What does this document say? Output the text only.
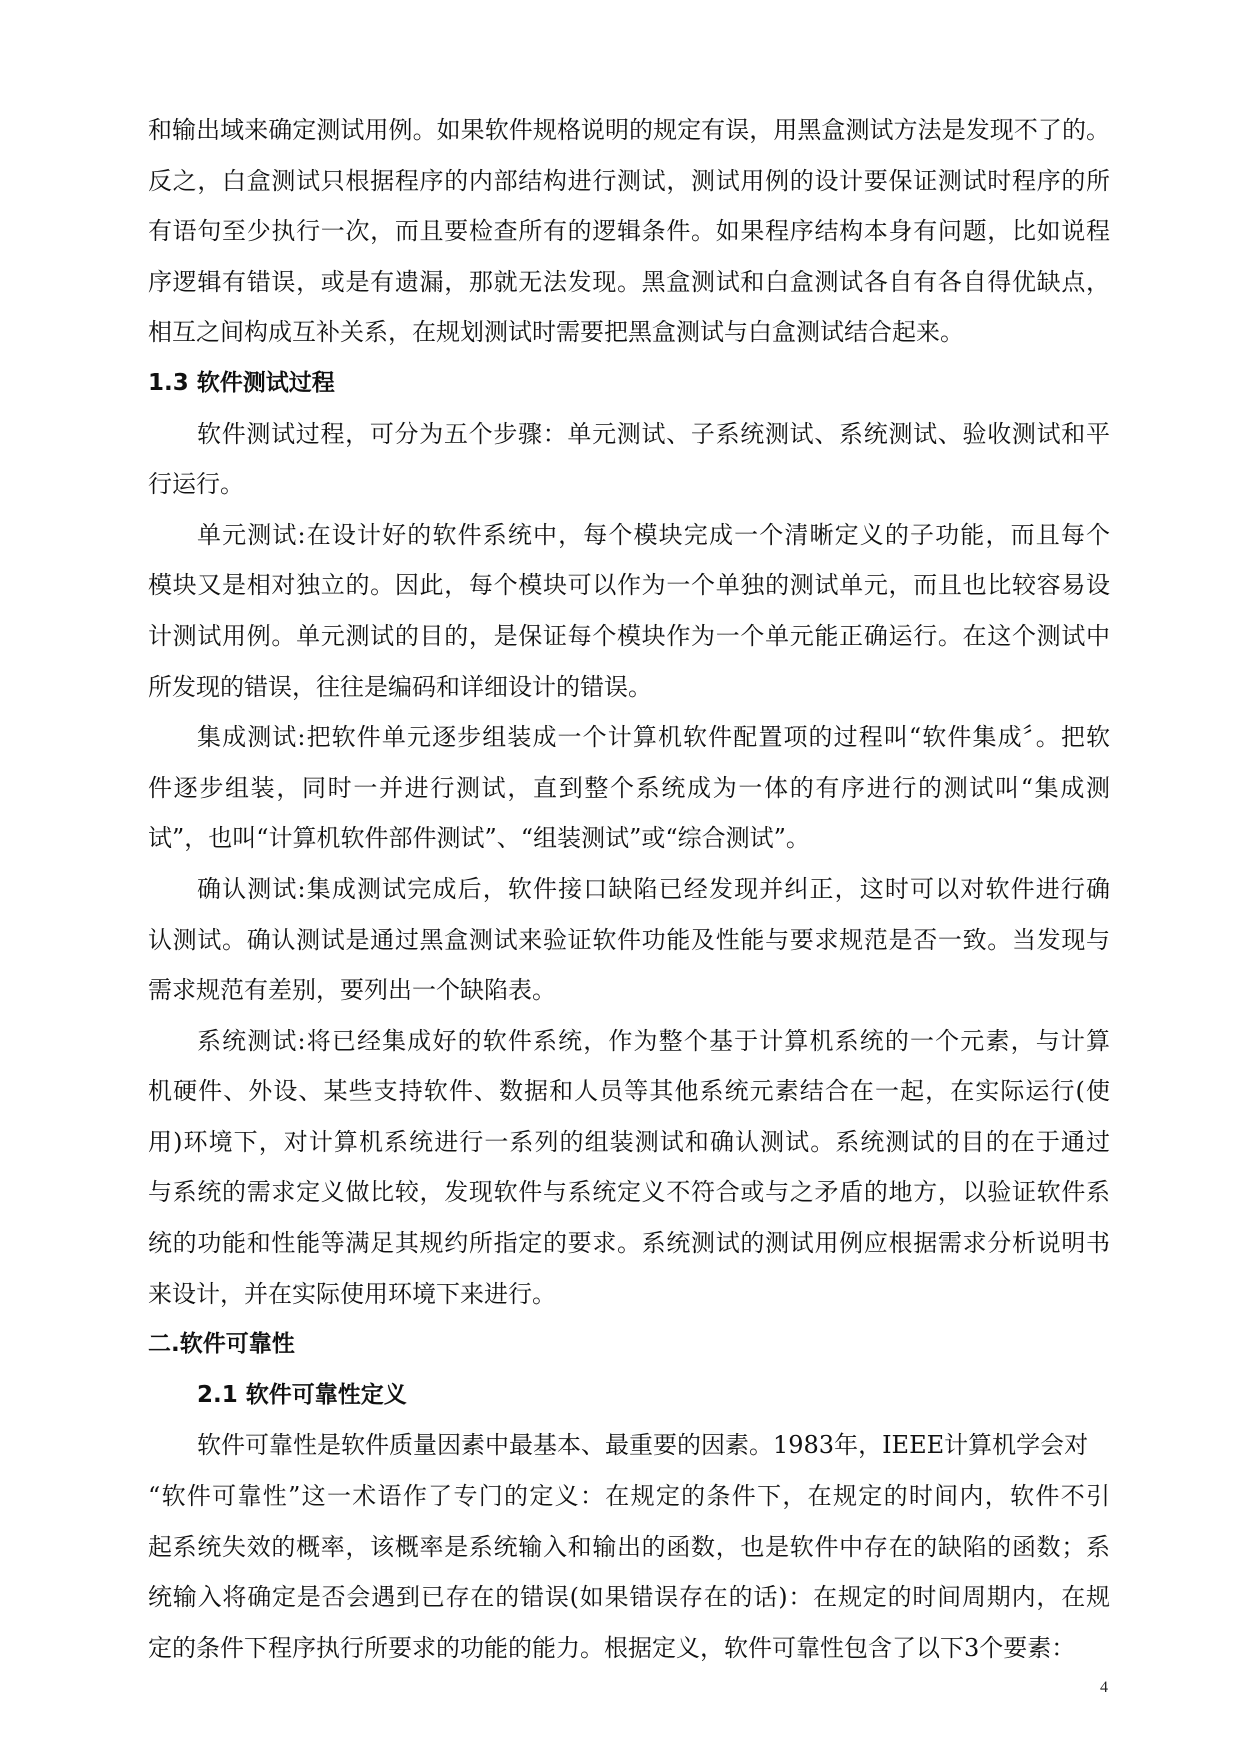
和输出域来确定测试用例。如果软件规格说明的规定有误，用黑盒测试方法是发现不了的。
反之，白盒测试只根据程序的内部结构进行测试，测试用例的设计要保证测试时程序的所
有语句至少执行一次，而且要检查所有的逻辑条件。如果程序结构本身有问题，比如说程
序逻辑有错误，或是有遗漏，那就无法发现。黑盒测试和白盒测试各自有各自得优缺点，
相互之间构成互补关系，在规划测试时需要把黑盒测试与白盒测试结合起来。
1.3 软件测试过程
软件测试过程，可分为五个步骤：单元测试、子系统测试、系统测试、验收测试和平
行运行。
单元测试:在设计好的软件系统中，每个模块完成一个清晰定义的子功能，而且每个
模块又是相对独立的。因此，每个模块可以作为一个单独的测试单元，而且也比较容易设
计测试用例。单元测试的目的，是保证每个模块作为一个单元能正确运行。在这个测试中
所发现的错误，往往是编码和详细设计的错误。
集成测试:把软件单元逐步组装成一个计算机软件配置项的过程叫“软件集成〞。把软
件逐步组装，同时一并进行测试，直到整个系统成为一体的有序进行的测试叫“集成测
试”，也叫“计算机软件部件测试”、“组装测试”或“综合测试”。
确认测试:集成测试完成后，软件接口缺陷已经发现并纠正，这时可以对软件进行确
认测试。确认测试是通过黑盒测试来验证软件功能及性能与要求规范是否一致。当发现与
需求规范有差别，要列出一个缺陷表。
系统测试:将已经集成好的软件系统，作为整个基于计算机系统的一个元素，与计算
机硬件、外设、某些支持软件、数据和人员等其他系统元素结合在一起，在实际运行(使
用)环境下，对计算机系统进行一系列的组装测试和确认测试。系统测试的目的在于通过
与系统的需求定义做比较，发现软件与系统定义不符合或与之矛盾的地方，以验证软件系
统的功能和性能等满足其规约所指定的要求。系统测试的测试用例应根据需求分析说明书
来设计，并在实际使用环境下来进行。
二.软件可靠性
2.1 软件可靠性定义
软件可靠性是软件质量因素中最基本、最重要的因素。1983年，IEEE计算机学会对
“软件可靠性”这一术语作了专门的定义：在规定的条件下，在规定的时间内，软件不引
起系统失效的概率，该概率是系统输入和输出的函数，也是软件中存在的缺陷的函数；系
统输入将确定是否会遇到已存在的错误(如果错误存在的话)：在规定的时间周期内，在规
定的条件下程序执行所要求的功能的能力。根据定义，软件可靠性包含了以下3个要素：
4
